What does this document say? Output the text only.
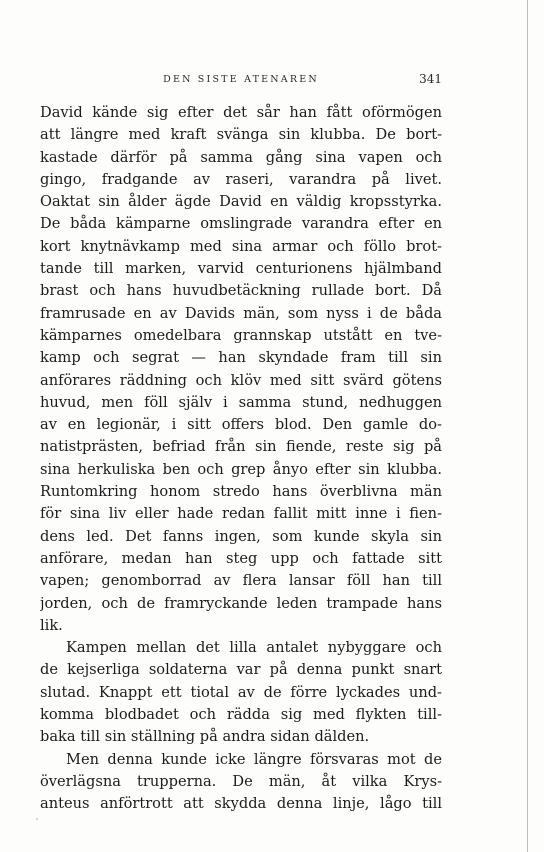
DEN SISTE ATENAREN	341
David kände sig efter det sår han fått oförmögen
att längre med kraft svänga sin klubba. De bort-
kastade därför på samma gång sina vapen och
gingo, fradgande av raseri, varandra på livet.
Oaktat sin ålder ägde David en väldig kropsstyrka.
De båda kämparne omslingrade varandra efter en
kort knytnävkamp med sina armar och föllo brot-
tande till marken, varvid centurionens hjälmband
brast och hans huvudbetäckning rullade bort. Då
framrusade en av Davids män, som nyss i de båda
kämparnes omedelbara grannskap utstått en tve-
kamp och segrat — han skyndade fram till sin
anförares räddning och klöv med sitt svärd götens
huvud, men föll själv i samma stund, nedhuggen
av en legionär, i sitt offers blod. Den gamle do-
natistprästen, befriad från sin fiende, reste sig på
sina herkuliska ben och grep ånyo efter sin klubba.
Runtomkring honom stredo hans överblivna män
för sina liv eller hade redan fallit mitt inne i fien-
dens led. Det fanns ingen, som kunde skyla sin
anförare, medan han steg upp och fattade sitt
vapen; genomborrad av flera lansar föll han till
jorden, och de framryckande leden trampade hans
lik.
Kampen mellan det lilla antalet nybyggare och
de kejserliga soldaterna var på denna punkt snart
slutad. Knappt ett tiotal av de förre lyckades und-
komma blodbadet och rädda sig med flykten till-
baka till sin ställning på andra sidan dälden.
Men denna kunde icke längre försvaras mot de
överlägsna trupperna. De män, åt vilka Krys-
anteus anförtrott att skydda denna linje, lågo till
